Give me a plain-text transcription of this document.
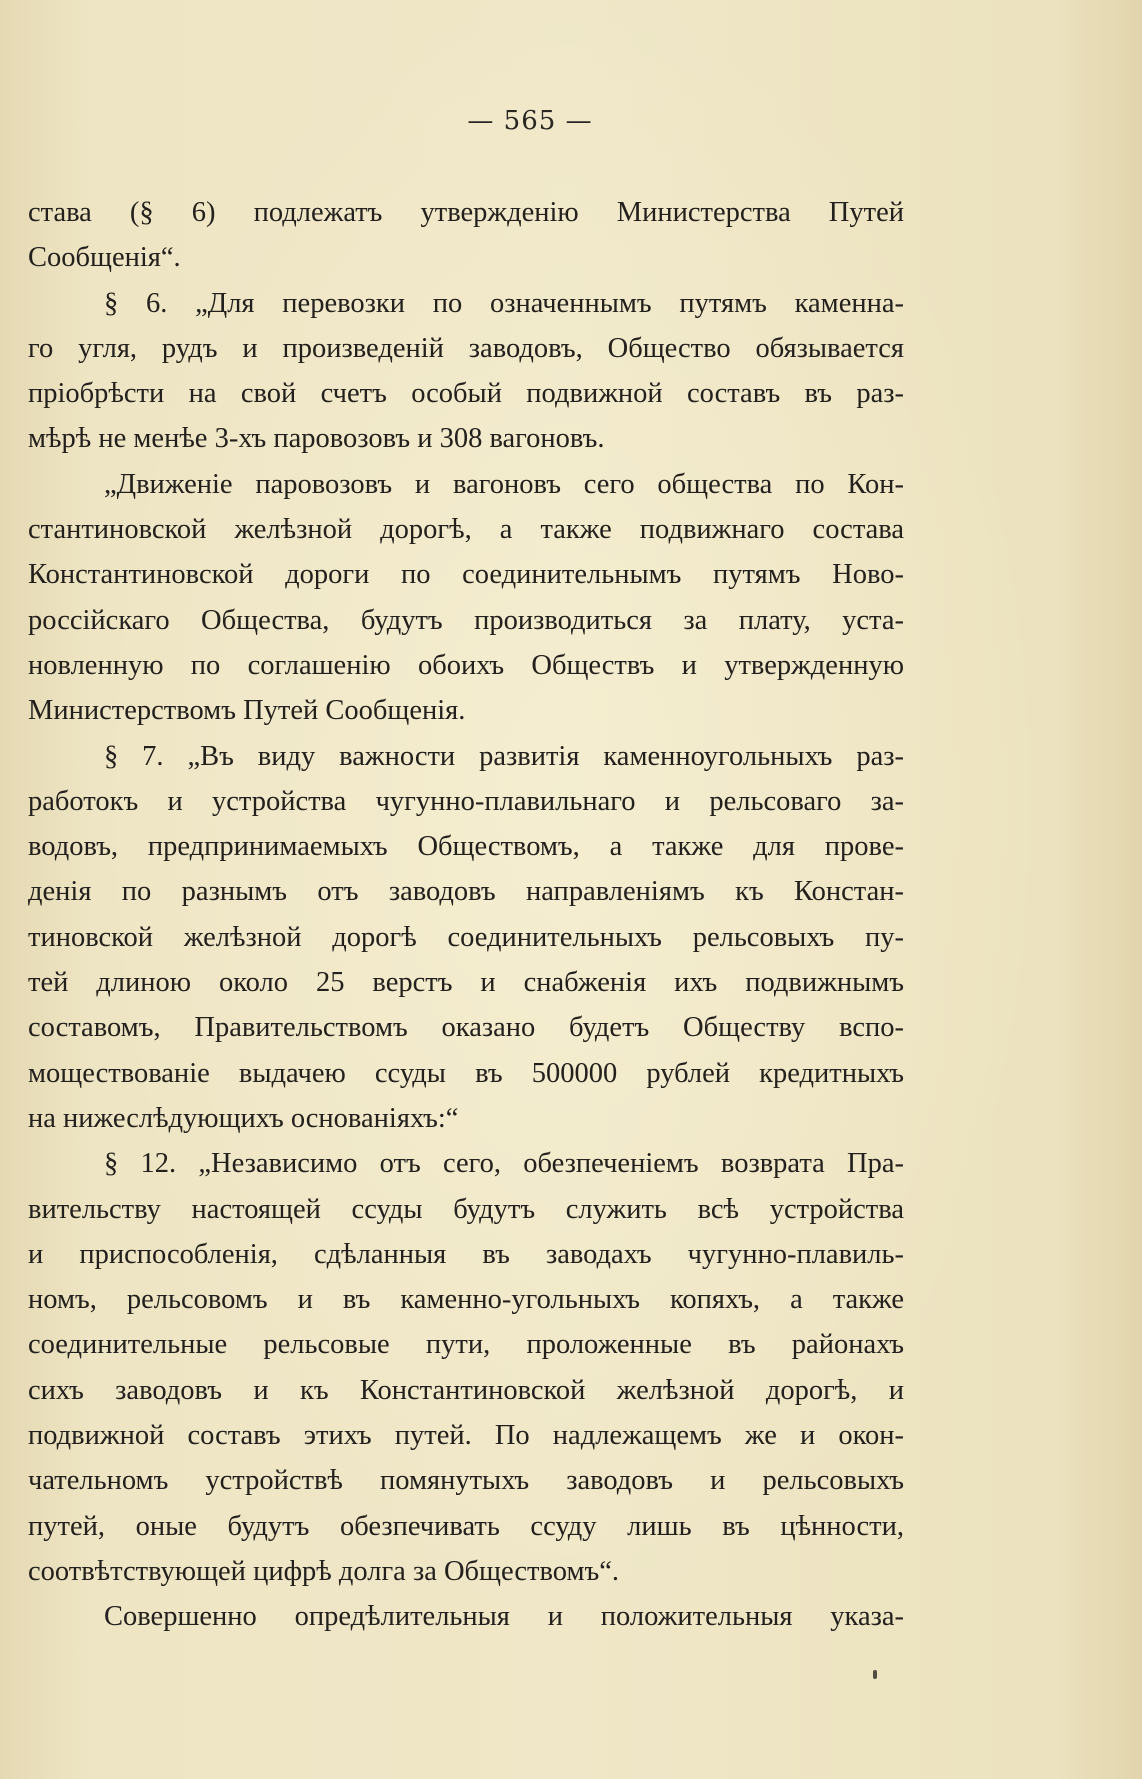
— 565 —
става (§ 6) подлежатъ утвержденію Министерства Путей
Сообщенія“.
§ 6. „Для перевозки по означеннымъ путямъ каменна-
го угля, рудъ и произведеній заводовъ, Общество обязывается
пріобрѣсти на свой счетъ особый подвижной составъ въ раз-
мѣрѣ не менѣе 3-хъ паровозовъ и 308 вагоновъ.
„Движеніе паровозовъ и вагоновъ сего общества по Кон-
стантиновской желѣзной дорогѣ, а также подвижнаго состава
Константиновской дороги по соединительнымъ путямъ Ново-
россійскаго Общества, будутъ производиться за плату, уста-
новленную по соглашенію обоихъ Обществъ и утвержденную
Министерствомъ Путей Сообщенія.
§ 7. „Въ виду важности развитія каменноугольныхъ раз-
работокъ и устройства чугунно-плавильнаго и рельсоваго за-
водовъ, предпринимаемыхъ Обществомъ, а также для прове-
денія по разнымъ отъ заводовъ направленіямъ къ Констан-
тиновской желѣзной дорогѣ соединительныхъ рельсовыхъ пу-
тей длиною около 25 верстъ и снабженія ихъ подвижнымъ
составомъ, Правительствомъ оказано будетъ Обществу вспо-
моществованіе выдачею ссуды въ 500000 рублей кредитныхъ
на нижеслѣдующихъ основаніяхъ:“
§ 12. „Независимо отъ сего, обезпеченіемъ возврата Пра-
вительству настоящей ссуды будутъ служить всѣ устройства
и приспособленія, сдѣланныя въ заводахъ чугунно-плавиль-
номъ, рельсовомъ и въ каменно-угольныхъ копяхъ, а также
соединительные рельсовые пути, проложенные въ районахъ
сихъ заводовъ и къ Константиновской желѣзной дорогѣ, и
подвижной составъ этихъ путей. По надлежащемъ же и окон-
чательномъ устройствѣ помянутыхъ заводовъ и рельсовыхъ
путей, оные будутъ обезпечивать ссуду лишь въ цѣнности,
соотвѣтствующей цифрѣ долга за Обществомъ“.
Совершенно опредѣлительныя и положительныя указа-
